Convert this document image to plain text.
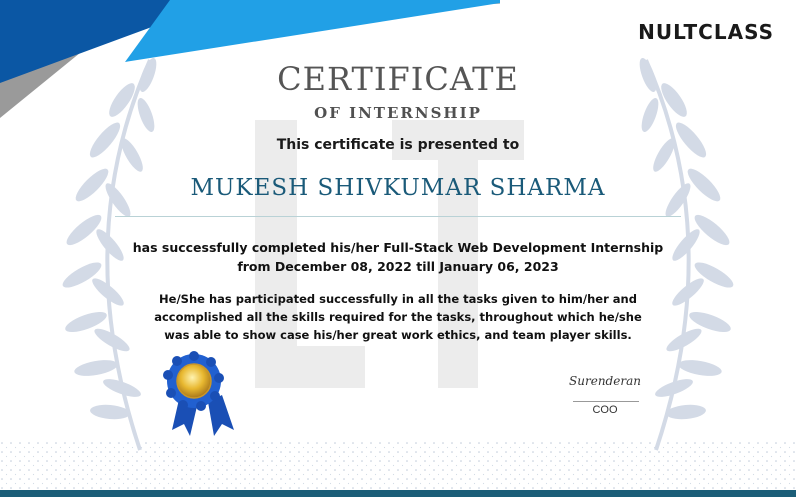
NULTCLASS
CERTIFICATE
OF INTERNSHIP
This certificate is presented to
MUKESH SHIVKUMAR SHARMA
has successfully completed his/her Full-Stack Web Development Internship
from December 08, 2022 till January 06, 2023
He/She has participated successfully in all the tasks given to him/her and
accomplished all the skills required for the tasks, throughout which he/she
was able to show case his/her great work ethics, and team player skills.
Surenderan
COO
